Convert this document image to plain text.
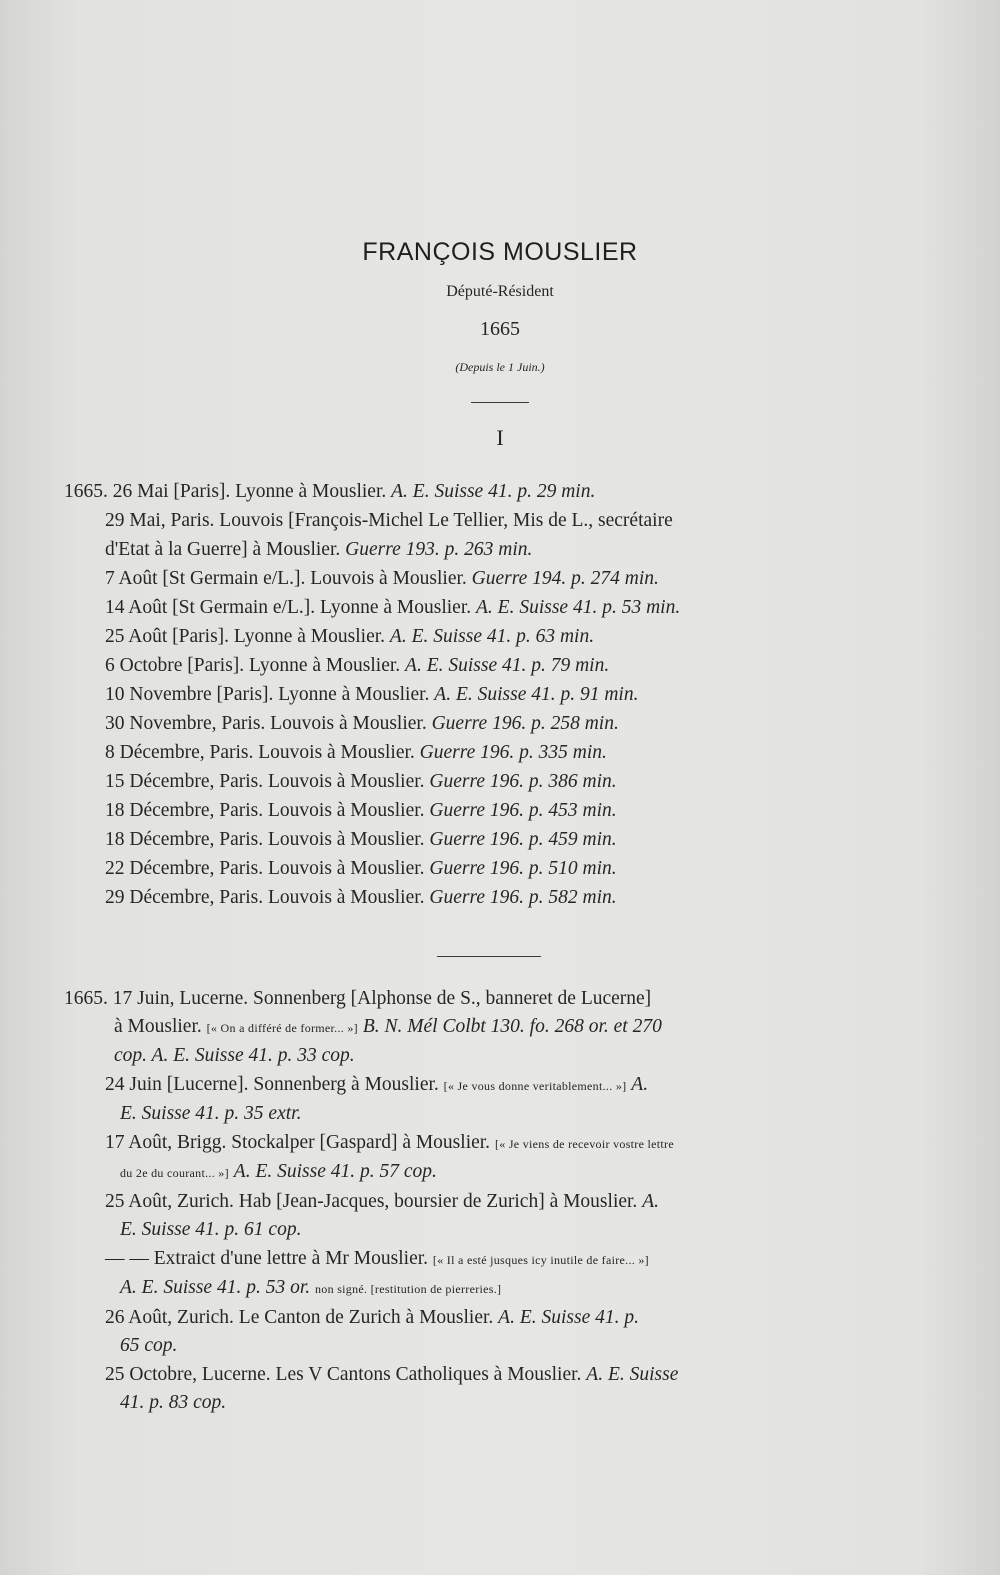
FRANÇOIS MOUSLIER
Député-Résident
1665
(Depuis le 1 Juin.)
I

1665. 26 Mai [Paris]. Lyonne à Mouslier. A. E. Suisse 41. p. 29 min.

29 Mai, Paris. Louvois [François-Michel Le Tellier, Mis de L., secrétaire
d'Etat à la Guerre] à Mouslier. Guerre 193. p. 263 min.

7 Août [St Germain e/L.]. Louvois à Mouslier. Guerre 194. p. 274 min.

14 Août [St Germain e/L.]. Lyonne à Mouslier. A. E. Suisse 41. p. 53 min.

25 Août [Paris]. Lyonne à Mouslier. A. E. Suisse 41. p. 63 min.

6 Octobre [Paris]. Lyonne à Mouslier. A. E. Suisse 41. p. 79 min.

10 Novembre [Paris]. Lyonne à Mouslier. A. E. Suisse 41. p. 91 min.

30 Novembre, Paris. Louvois à Mouslier. Guerre 196. p. 258 min.

8 Décembre, Paris. Louvois à Mouslier. Guerre 196. p. 335 min.

15 Décembre, Paris. Louvois à Mouslier. Guerre 196. p. 386 min.

18 Décembre, Paris. Louvois à Mouslier. Guerre 196. p. 453 min.

18 Décembre, Paris. Louvois à Mouslier. Guerre 196. p. 459 min.

22 Décembre, Paris. Louvois à Mouslier. Guerre 196. p. 510 min.

29 Décembre, Paris. Louvois à Mouslier. Guerre 196. p. 582 min.

1665. 17 Juin, Lucerne. Sonnenberg [Alphonse de S., banneret de Lucerne]
à Mouslier. [« On a différé de former... »] B. N. Mél Colbt 130. fo. 268 or. et 270
cop. A. E. Suisse 41. p. 33 cop.

24 Juin [Lucerne]. Sonnenberg à Mouslier. [« Je vous donne veritablement... »] A.
E. Suisse 41. p. 35 extr.

17 Août, Brigg. Stockalper [Gaspard] à Mouslier. [« Je viens de recevoir vostre lettre
du 2e du courant... »] A. E. Suisse 41. p. 57 cop.

25 Août, Zurich. Hab [Jean-Jacques, boursier de Zurich] à Mouslier. A.
E. Suisse 41. p. 61 cop.

— — Extraict d'une lettre à Mr Mouslier. [« Il a esté jusques icy inutile de faire... »]
A. E. Suisse 41. p. 53 or. non signé. [restitution de pierreries.]

26 Août, Zurich. Le Canton de Zurich à Mouslier. A. E. Suisse 41. p.
65 cop.

25 Octobre, Lucerne. Les V Cantons Catholiques à Mouslier. A. E. Suisse
41. p. 83 cop.
